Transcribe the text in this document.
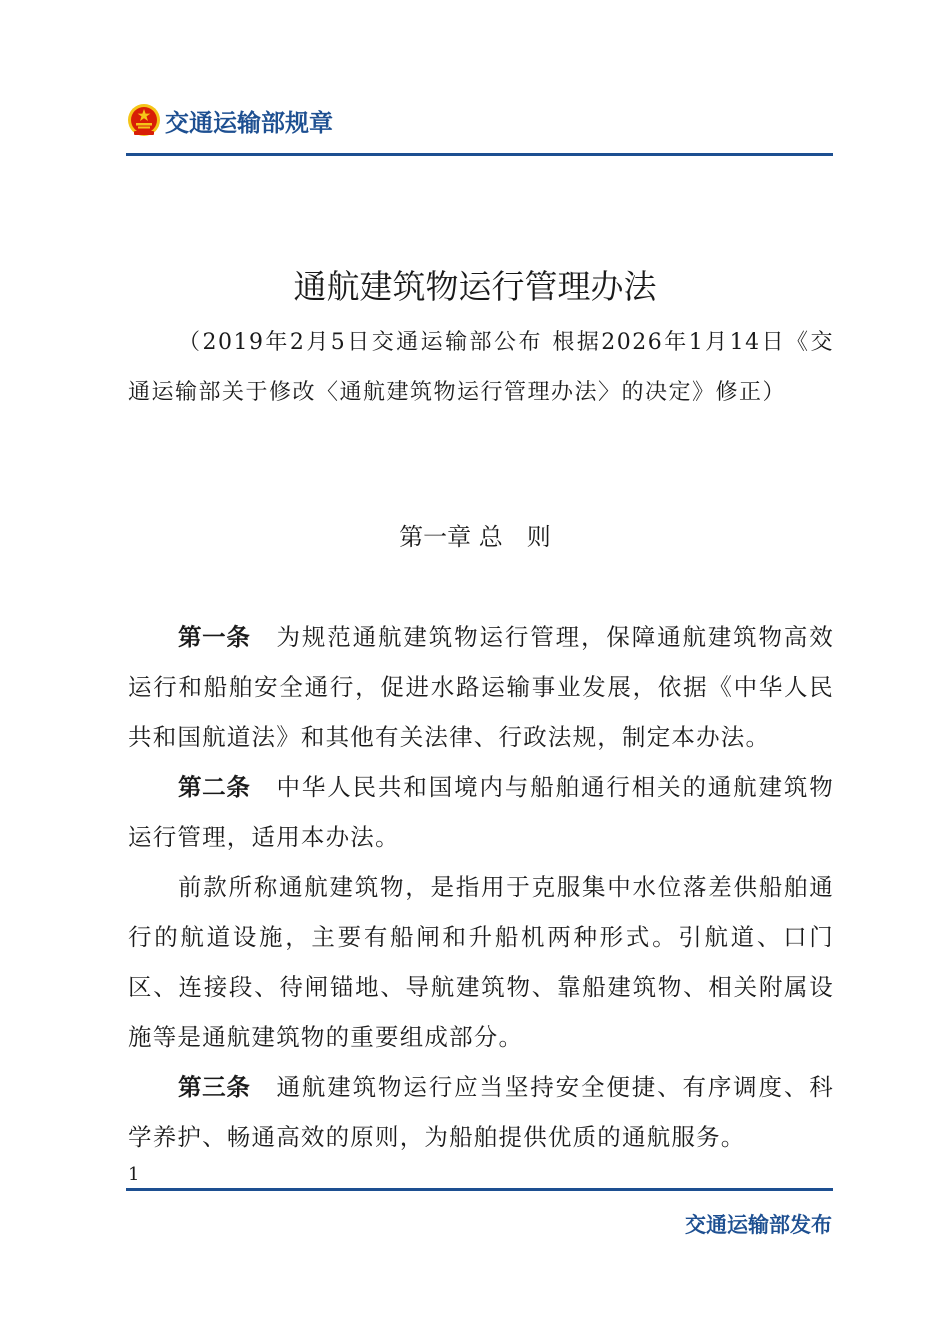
交通运输部规章
通航建筑物运行管理办法
（2019年2月5日交通运输部公布 根据2026年1月14日《交通运输部关于修改〈通航建筑物运行管理办法〉的决定》修正）
第一章 总　则

第一条 为规范通航建筑物运行管理，保障通航建筑物高效运行和船舶安全通行，促进水路运输事业发展，依据《中华人民共和国航道法》和其他有关法律、行政法规，制定本办法。

第二条 中华人民共和国境内与船舶通行相关的通航建筑物运行管理，适用本办法。

前款所称通航建筑物，是指用于克服集中水位落差供船舶通行的航道设施，主要有船闸和升船机两种形式。引航道、口门区、连接段、待闸锚地、导航建筑物、靠船建筑物、相关附属设施等是通航建筑物的重要组成部分。

第三条 通航建筑物运行应当坚持安全便捷、有序调度、科学养护、畅通高效的原则，为船舶提供优质的通航服务。

1
交通运输部发布
